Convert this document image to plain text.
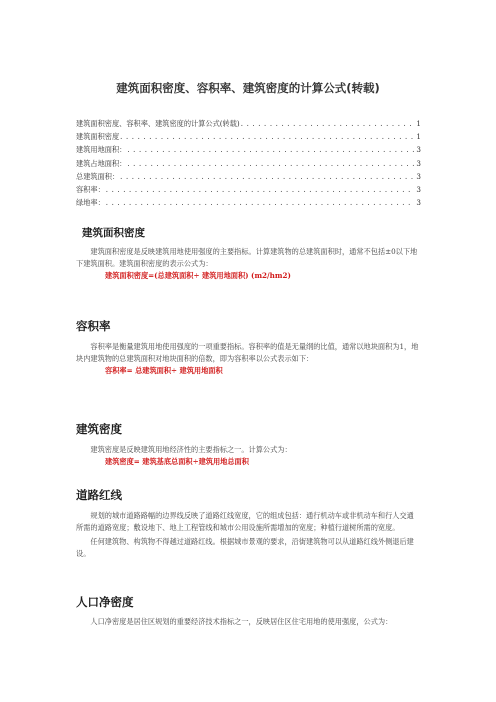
建筑面积密度、容积率、建筑密度的计算公式(转载)
建筑面积密度、容积率、建筑密度的计算公式(转载) .....	1
建筑面积密度 .....	1
建筑用地面积： .....	3
建筑占地面积： .....	3
总建筑面积： .....	3
容积率： .....	3
绿地率： .....	3
建筑面积密度

建筑面积密度是反映建筑用地使用强度的主要指标。计算建筑物的总建筑面积时，通常不包括±0以下地下建筑面积。建筑面积密度的表示公式为：

建筑面积密度=(总建筑面积÷ 建筑用地面积) (m2/hm2)

容积率

容积率是衡量建筑用地使用强度的一项重要指标。容积率的值是无量纲的比值，通常以地块面积为1，地块内建筑物的总建筑面积对地块面积的倍数，即为容积率以公式表示如下：

容积率= 总建筑面积÷ 建筑用地面积

建筑密度

建筑密度是反映建筑用地经济性的主要指标之一。计算公式为：

建筑密度= 建筑基底总面积÷建筑用地总面积

道路红线

规划的城市道路路幅的边界线反映了道路红线宽度，它的组成包括：通行机动车或非机动车和行人交通所需的道路宽度；敷设地下、地上工程管线和城市公用设施所需增加的宽度；种植行道树所需的宽度。

任何建筑物、构筑物不得越过道路红线。根据城市景观的要求，沿街建筑物可以从道路红线外侧退后建设。

人口净密度

人口净密度是居住区规划的重要经济技术指标之一，反映居住区住宅用地的使用强度，公式为：
